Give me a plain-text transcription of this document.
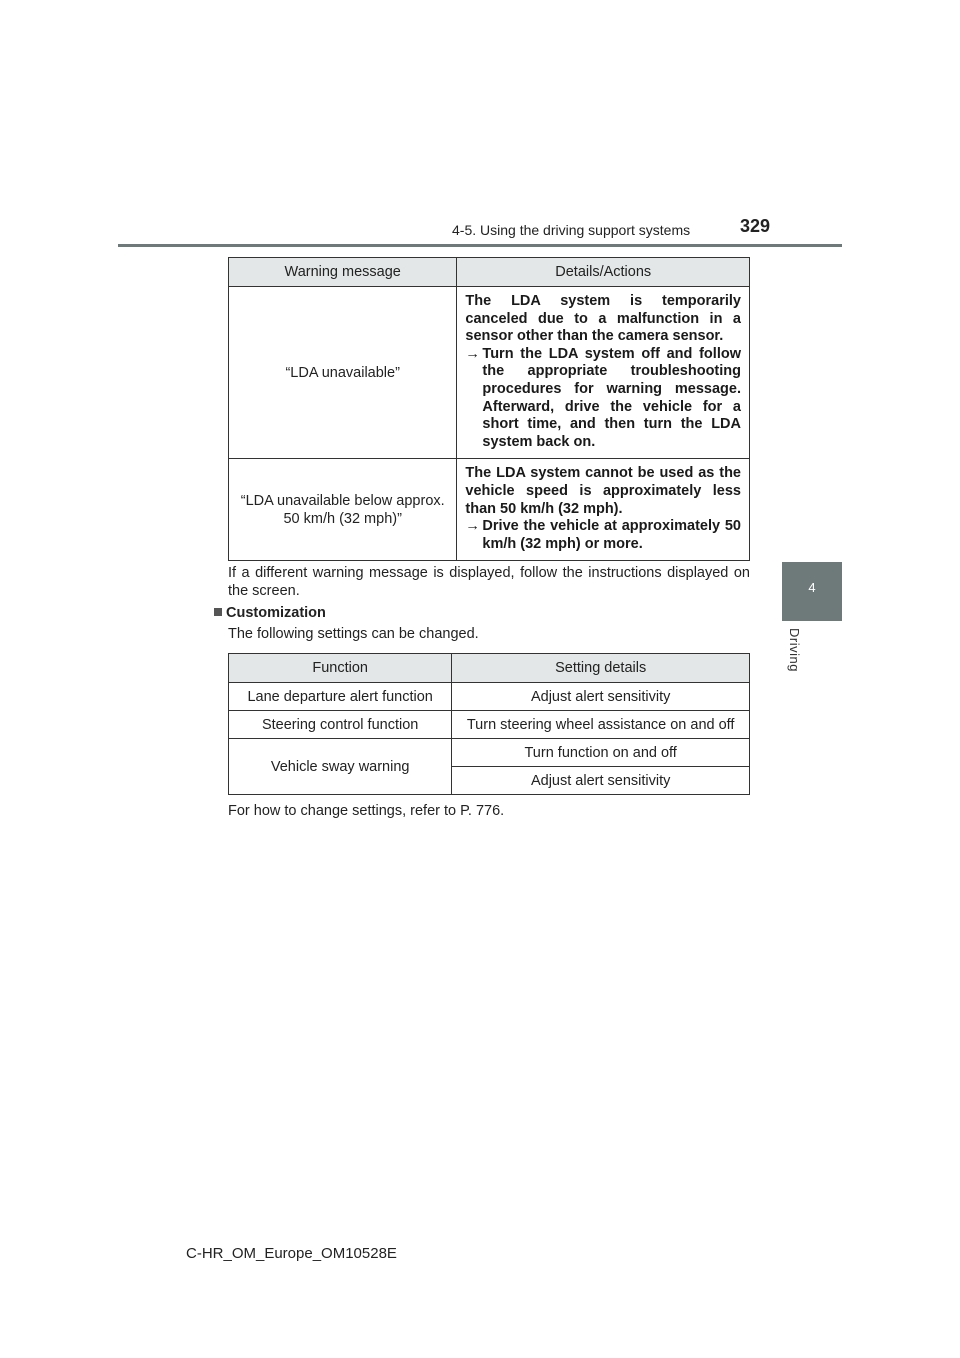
4-5. Using the driving support systems	329
4
Driving
Warning message	Details/Actions
“LDA unavailable”	The LDA system is temporarily canceled due to a malfunction in a sensor other than the camera sensor.
→ Turn the LDA system off and follow the appropriate troubleshooting procedures for warning message. Afterward, drive the vehicle for a short time, and then turn the LDA system back on.

“LDA unavailable below approx. 50 km/h (32 mph)”	The LDA system cannot be used as the vehicle speed is approximately less than 50 km/h (32 mph).
→ Drive the vehicle at approximately 50 km/h (32 mph) or more.
If a different warning message is displayed, follow the instructions displayed on the screen.
Customization
The following settings can be changed.
Function	Setting details
Lane departure alert function	Adjust alert sensitivity
Steering control function	Turn steering wheel assistance on and off
Vehicle sway warning	Turn function on and off
	Adjust alert sensitivity
For how to change settings, refer to P. 776.
C-HR_OM_Europe_OM10528E
